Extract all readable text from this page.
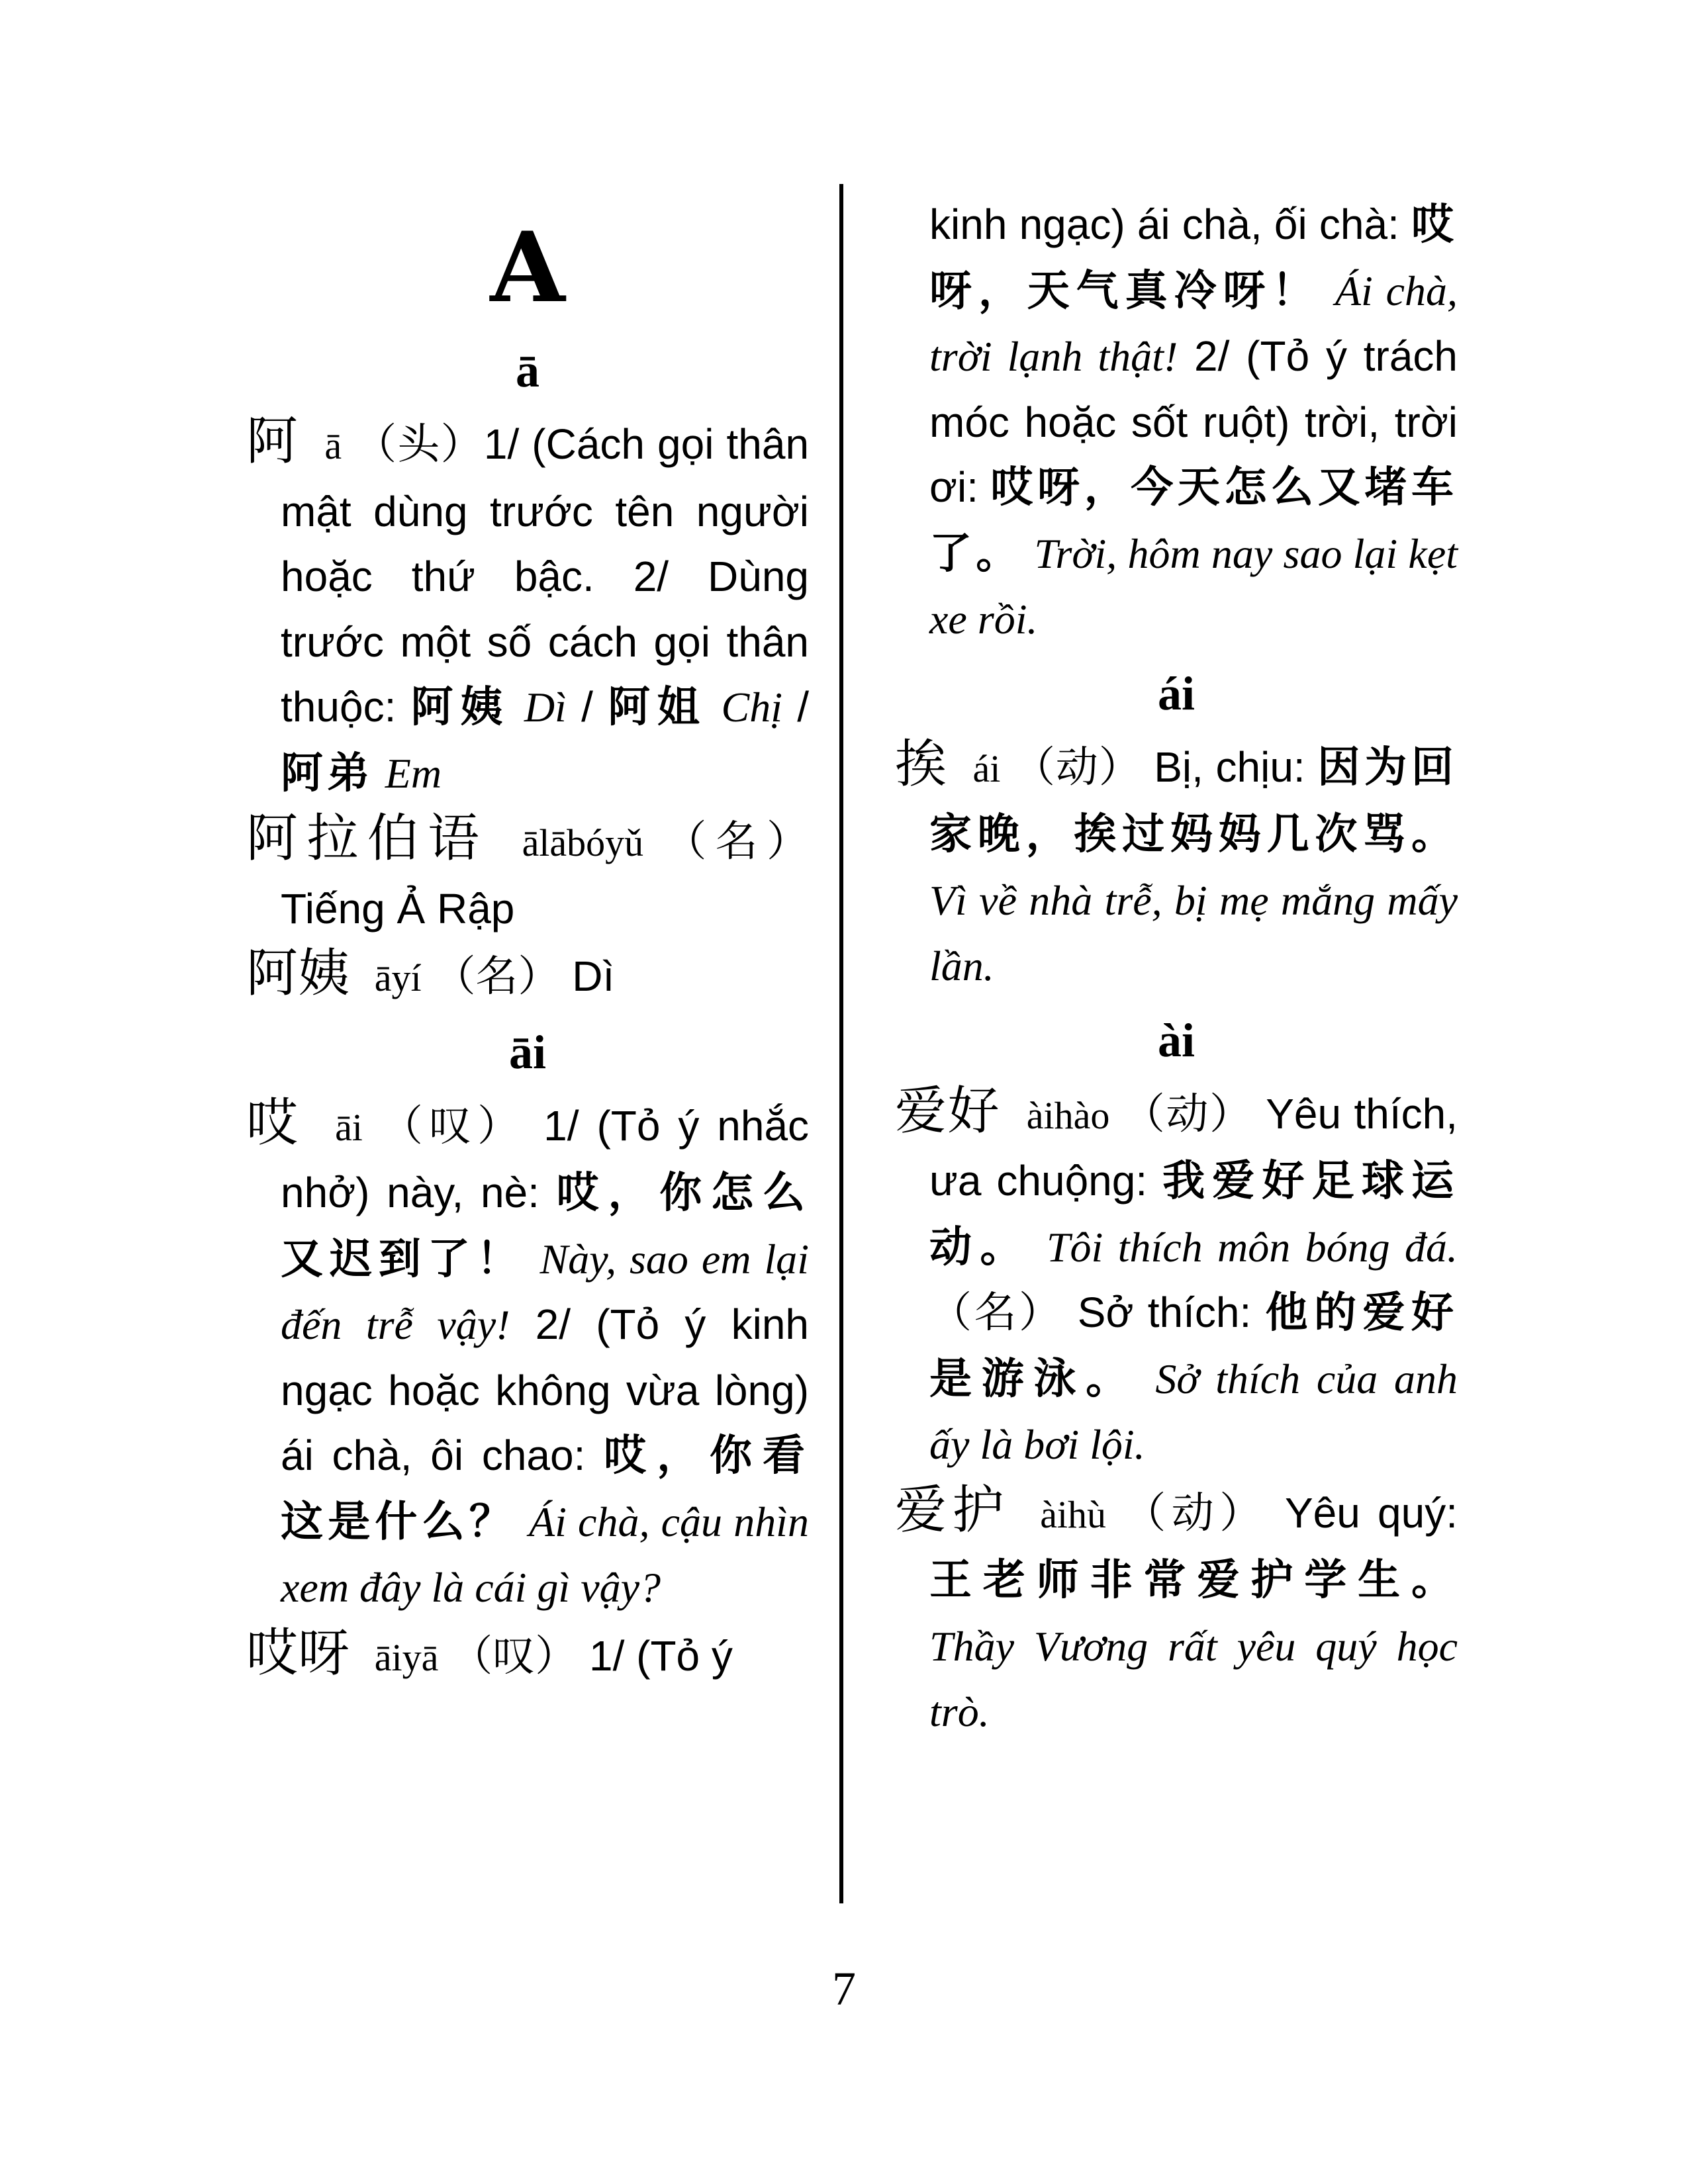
A
ā

阿 ā （头）1/ (Cách gọi thân mật dùng trước tên người hoặc thứ bậc. 2/ Dùng trước một số cách gọi thân thuộc: 阿姨 Dì / 阿姐 Chị / 阿弟 Em

阿拉伯语 ālābóyǔ （名） Tiếng Ả Rập

阿姨 āyí （名） Dì

āi

哎 āi （叹） 1/ (Tỏ ý nhắc nhở) này, nè: 哎，你怎么又迟到了！ Này, sao em lại đến trễ vậy! 2/ (Tỏ ý kinh ngạc hoặc không vừa lòng) ái chà, ôi chao: 哎，你看这是什么？ Ái chà, cậu nhìn xem đây là cái gì vậy?

哎呀 āiyā （叹） 1/ (Tỏ ý

kinh ngạc) ái chà, ối chà: 哎呀，天气真冷呀！ Ái chà, trời lạnh thật! 2/ (Tỏ ý trách móc hoặc sốt ruột) trời, trời ơi: 哎呀，今天怎么又堵车了。 Trời, hôm nay sao lại kẹt xe rồi.

ái

挨 ái （动） Bị, chịu: 因为回家晚，挨过妈妈几次骂。 Vì về nhà trễ, bị mẹ mắng mấy lần.

ài

爱好 àihào （动） Yêu thích, ưa chuộng: 我爱好足球运动。 Tôi thích môn bóng đá.（名） Sở thích: 他的爱好是游泳。 Sở thích của anh ấy là bơi lội.

爱护 àihù （动） Yêu quý: 王老师非常爱护学生。 Thầy Vương rất yêu quý học trò.

7
